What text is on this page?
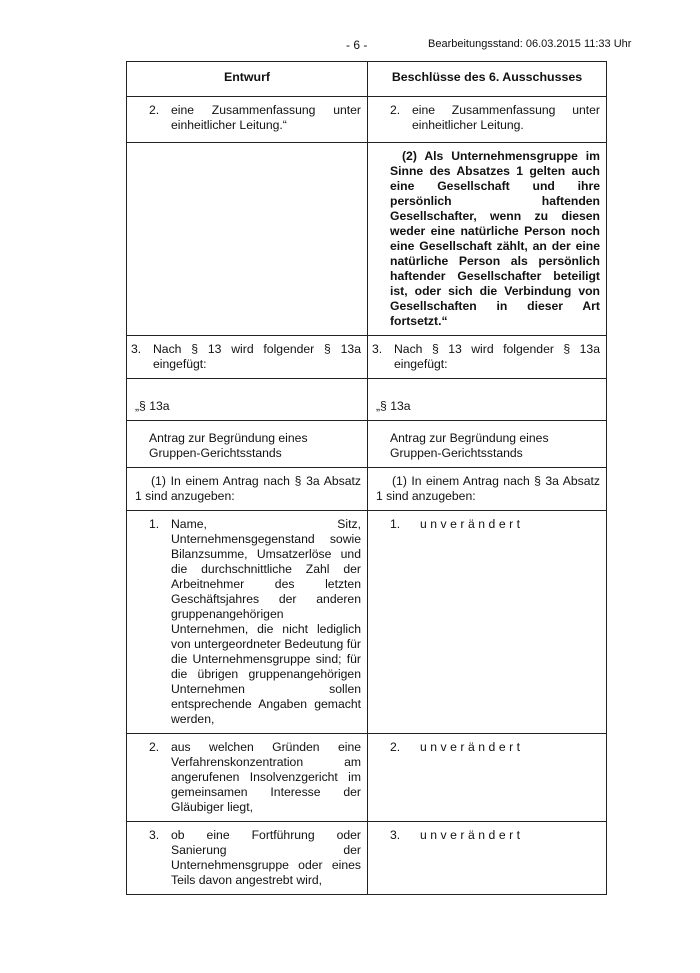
- 6 -	Bearbeitungsstand: 06.03.2015 11:33 Uhr
Entwurf	Beschlüsse des 6. Ausschusses

2. eine Zusammenfassung unter einheitlicher Leitung.“	2. eine Zusammenfassung unter einheitlicher Leitung.

	(2) Als Unternehmensgruppe im Sinne des Absatzes 1 gelten auch eine Gesellschaft und ihre persönlich haftenden Gesellschafter, wenn zu diesen weder eine natürliche Person noch eine Gesellschaft zählt, an der eine natürliche Person als persönlich haftender Gesellschafter beteiligt ist, oder sich die Verbindung von Gesellschaften in dieser Art fortsetzt.“

3. Nach § 13 wird folgender § 13a eingefügt:	3. Nach § 13 wird folgender § 13a eingefügt:

„§ 13a	„§ 13a
Antrag zur Begründung eines Gruppen-Gerichtsstands	Antrag zur Begründung eines Gruppen-Gerichtsstands

(1) In einem Antrag nach § 3a Absatz 1 sind anzugeben:	(1) In einem Antrag nach § 3a Absatz 1 sind anzugeben:

1. Name, Sitz, Unternehmensgegenstand sowie Bilanzsumme, Umsatzerlöse und die durchschnittliche Zahl der Arbeitnehmer des letzten Geschäftsjahres der anderen gruppenangehörigen Unternehmen, die nicht lediglich von untergeordneter Bedeutung für die Unternehmensgruppe sind; für die übrigen gruppenangehörigen Unternehmen sollen entsprechende Angaben gemacht werden,	1. unverändert

2. aus welchen Gründen eine Verfahrenskonzentration am angerufenen Insolvenzgericht im gemeinsamen Interesse der Gläubiger liegt,	2. unverändert

3. ob eine Fortführung oder Sanierung der Unternehmensgruppe oder eines Teils davon angestrebt wird,	3. unverändert
